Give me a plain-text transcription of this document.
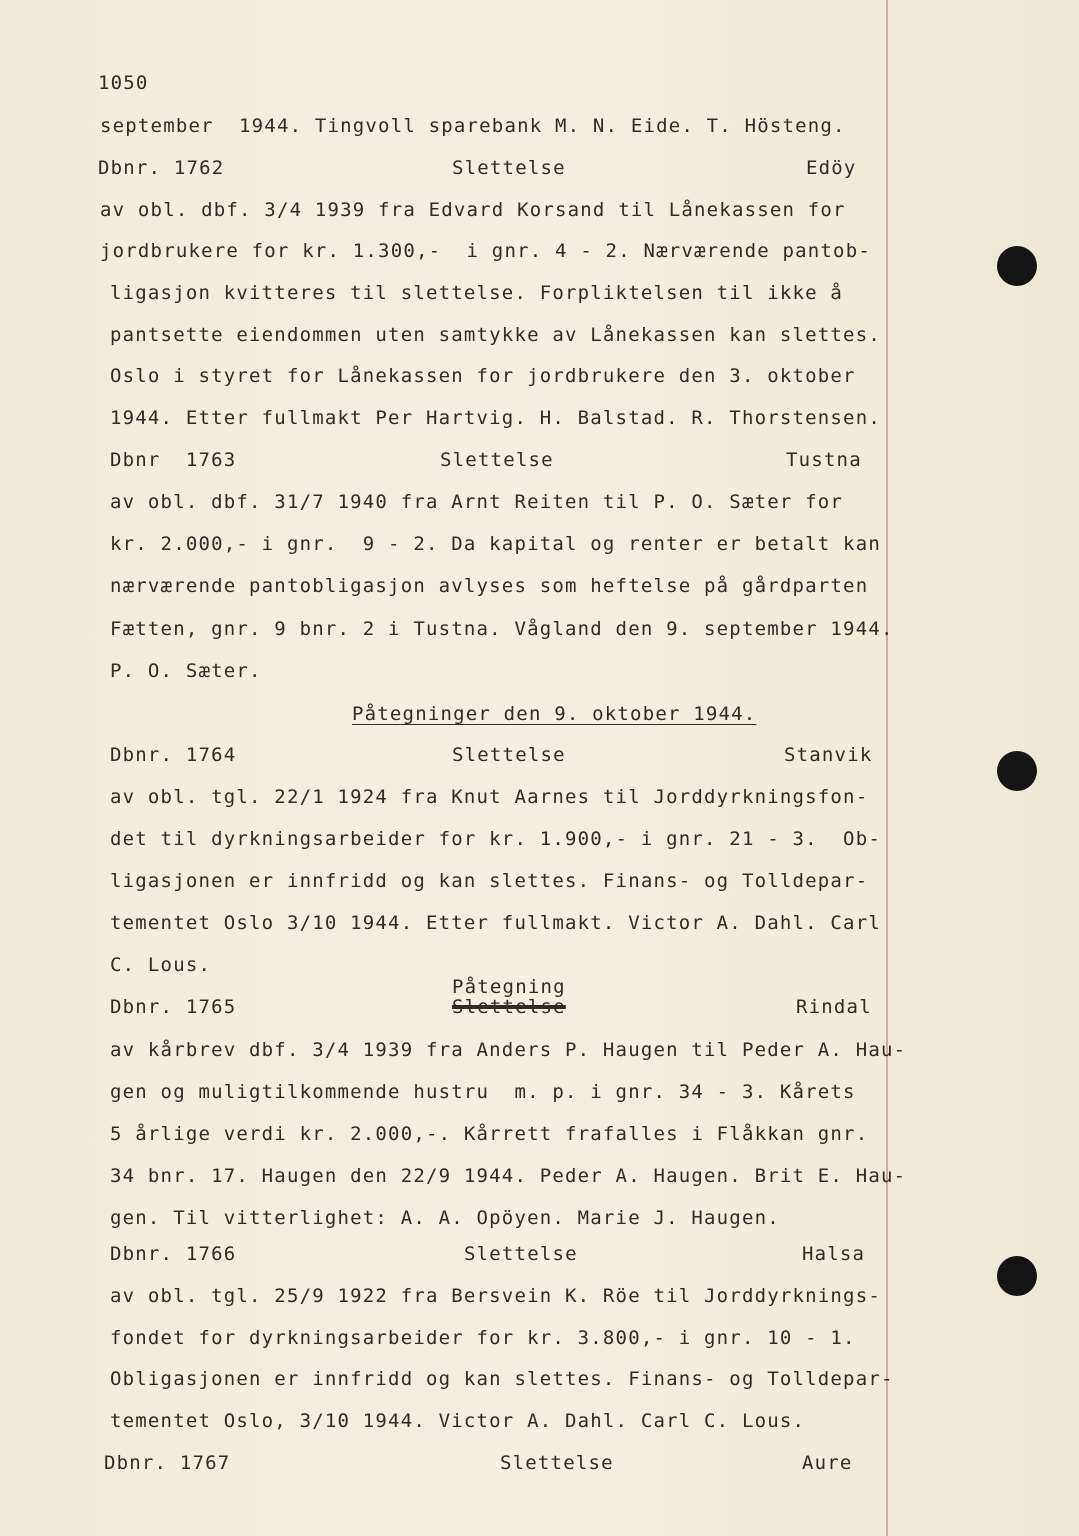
1050
september  1944. Tingvoll sparebank M. N. Eide. T. Hösteng.
Dbnr. 1762	Slettelse	Edöy
av obl. dbf. 3/4 1939 fra Edvard Korsand til Lånekassen for
jordbrukere for kr. 1.300,-  i gnr. 4 - 2. Nærværende pantob-
ligasjon kvitteres til slettelse. Forpliktelsen til ikke å
pantsette eiendommen uten samtykke av Lånekassen kan slettes.
Oslo i styret for Lånekassen for jordbrukere den 3. oktober
1944. Etter fullmakt Per Hartvig. H. Balstad. R. Thorstensen.
Dbnr  1763	Slettelse	Tustna
av obl. dbf. 31/7 1940 fra Arnt Reiten til P. O. Sæter for
kr. 2.000,- i gnr.  9 - 2. Da kapital og renter er betalt kan
nærværende pantobligasjon avlyses som heftelse på gårdparten
Fætten, gnr. 9 bnr. 2 i Tustna. Vågland den 9. september 1944.
P. O. Sæter.
Påtegninger den 9. oktober 1944.
Dbnr. 1764	Slettelse	Stanvik
av obl. tgl. 22/1 1924 fra Knut Aarnes til Jorddyrkningsfon-
det til dyrkningsarbeider for kr. 1.900,- i gnr. 21 - 3.  Ob-
ligasjonen er innfridd og kan slettes. Finans- og Tolldepar-
tementet Oslo 3/10 1944. Etter fullmakt. Victor A. Dahl. Carl
C. Lous.
Påtegning
Dbnr. 1765	Slettelse	Rindal
av kårbrev dbf. 3/4 1939 fra Anders P. Haugen til Peder A. Hau-
gen og muligtilkommende hustru  m. p. i gnr. 34 - 3. Kårets
5 årlige verdi kr. 2.000,-. Kårrett frafalles i Flåkkan gnr.
34 bnr. 17. Haugen den 22/9 1944. Peder A. Haugen. Brit E. Hau-
gen. Til vitterlighet: A. A. Opöyen. Marie J. Haugen.
Dbnr. 1766	Slettelse	Halsa
av obl. tgl. 25/9 1922 fra Bersvein K. Röe til Jorddyrknings-
fondet for dyrkningsarbeider for kr. 3.800,- i gnr. 10 - 1.
Obligasjonen er innfridd og kan slettes. Finans- og Tolldepar-
tementet Oslo, 3/10 1944. Victor A. Dahl. Carl C. Lous.
Dbnr. 1767	Slettelse	Aure
